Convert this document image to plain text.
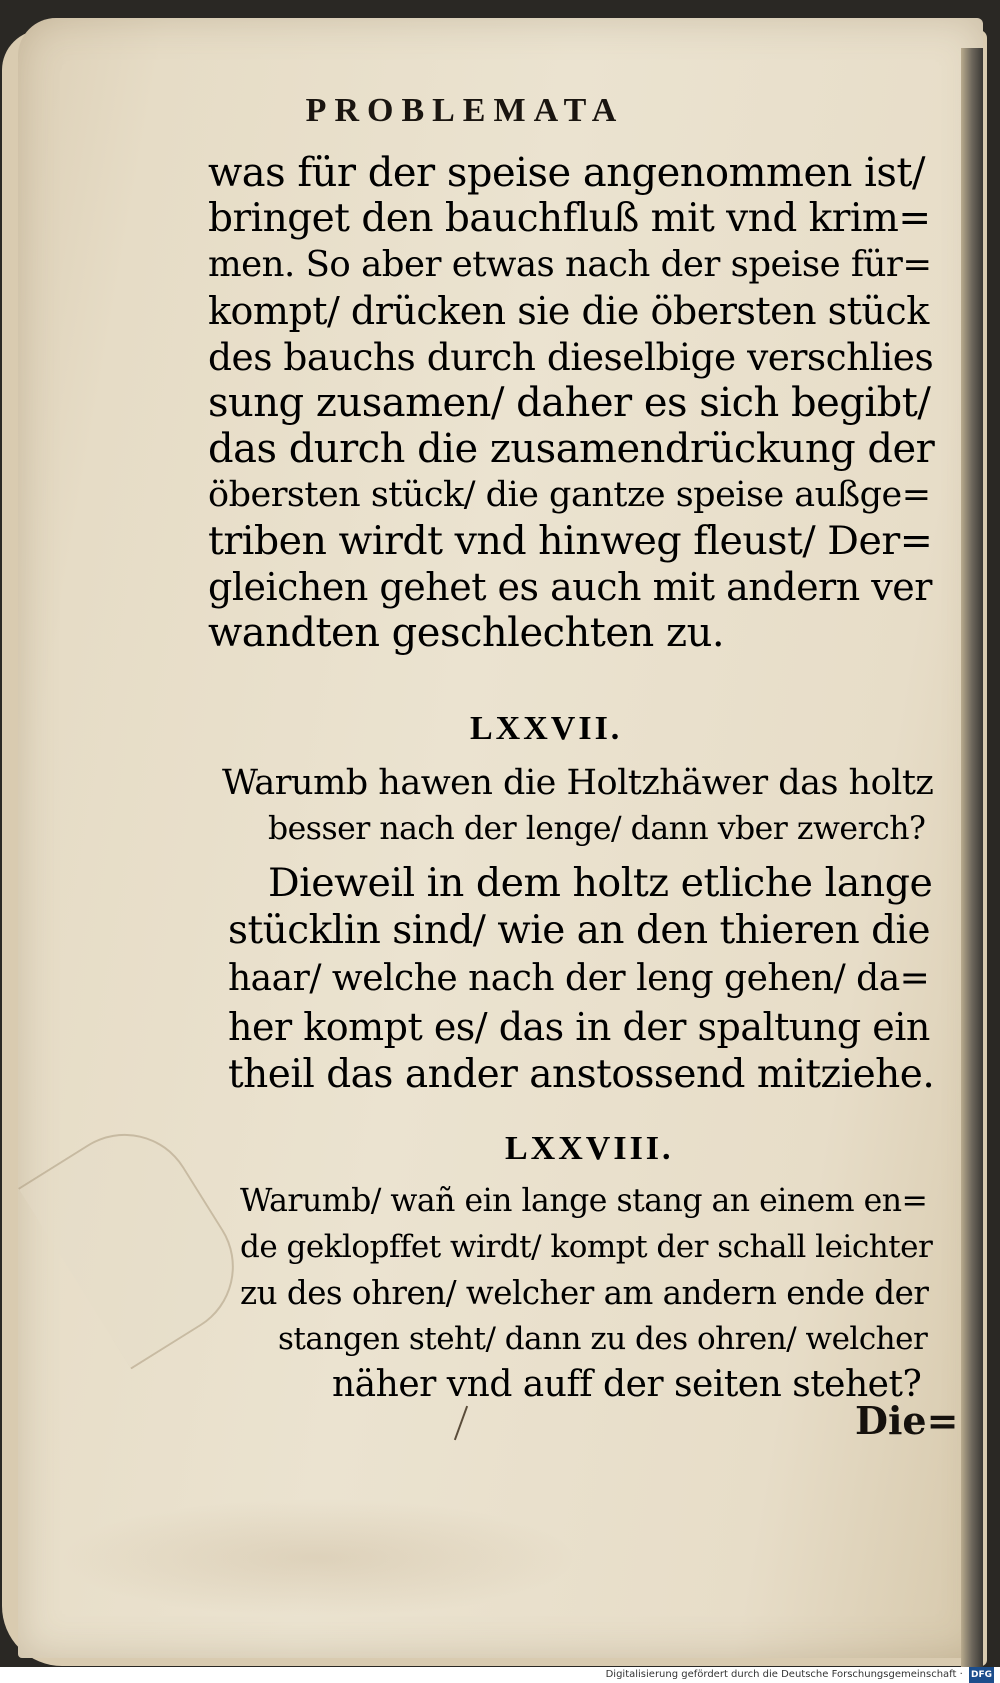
PROBLEMATA
was für der speise angenommen ist/
bringet den bauchfluß mit vnd krim=
men. So aber etwas nach der speise für=
kompt/ drücken sie die öbersten stück
des bauchs durch dieselbige verschlies
sung zusamen/ daher es sich begibt/
das durch die zusamendrückung der
öbersten stück/ die gantze speise außge=
triben wirdt vnd hinweg fleust/ Der=
gleichen gehet es auch mit andern ver
wandten geschlechten zu.
LXXVII.
Warumb hawen die Holtzhäwer das holtz
besser nach der lenge/ dann vber zwerch?
Dieweil in dem holtz etliche lange
stücklin sind/ wie an den thieren die
haar/ welche nach der leng gehen/ da=
her kompt es/ das in der spaltung ein
theil das ander anstossend mitziehe.
LXXVIII.
Warumb/ wañ ein lange stang an einem en=
de geklopffet wirdt/ kompt der schall leichter
zu des ohren/ welcher am andern ende der
stangen steht/ dann zu des ohren/ welcher
näher vnd auff der seiten stehet?
Die=
Digitalisierung gefördert durch die Deutsche Forschungsgemeinschaft · DFG
